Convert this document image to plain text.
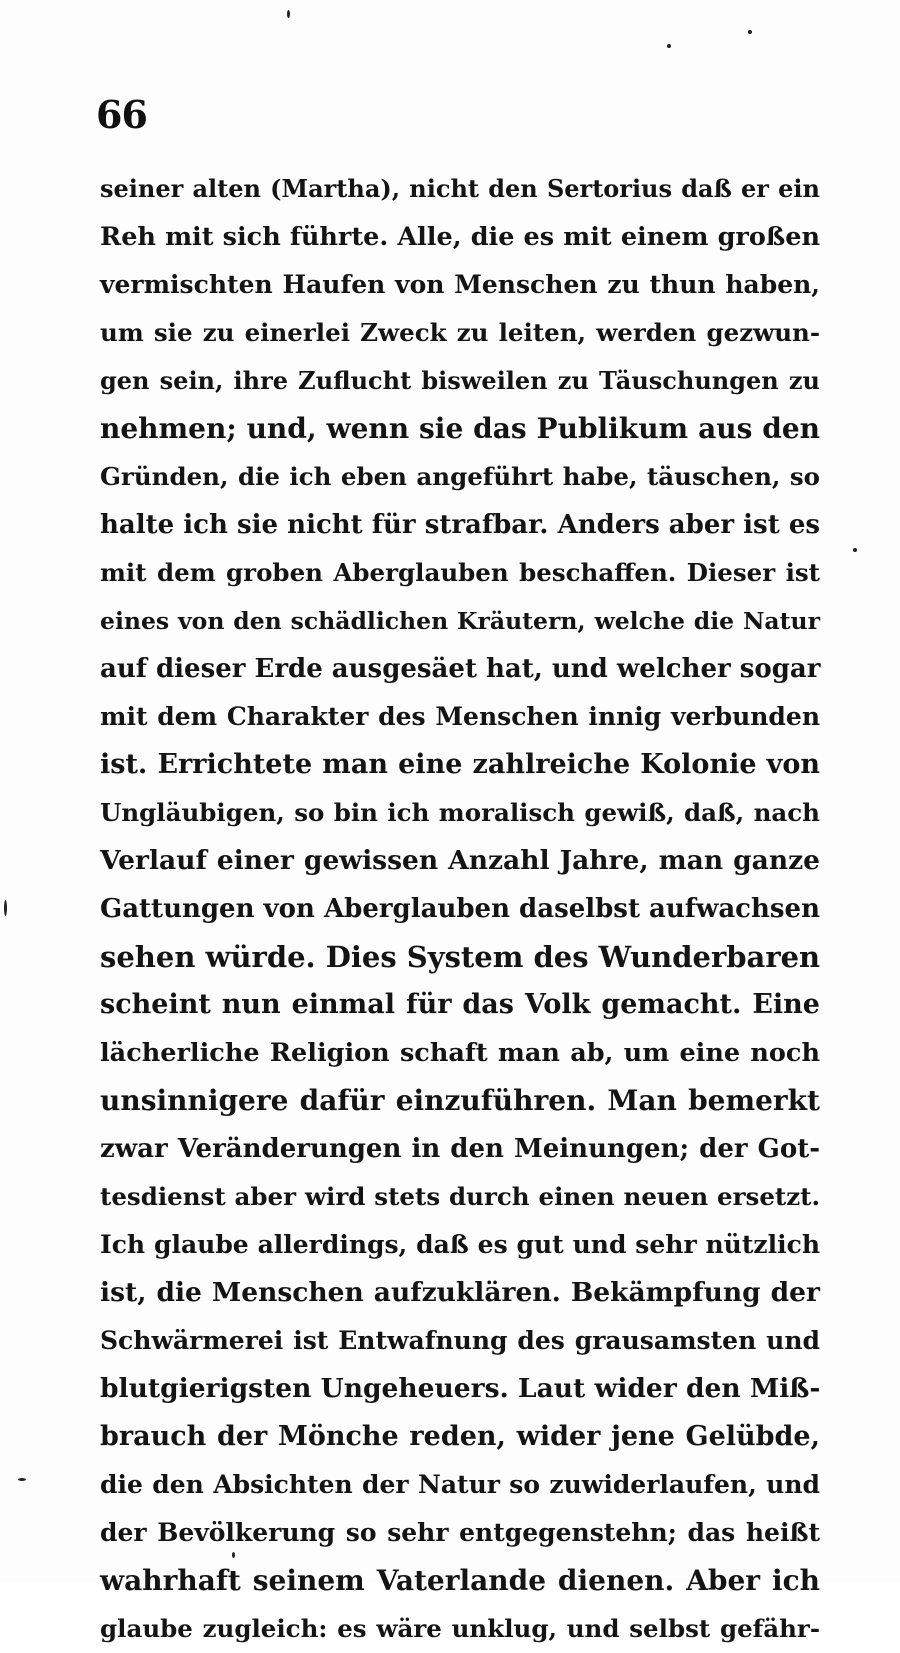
66
seiner alten (Martha), nicht den Sertorius daß er ein
Reh mit sich führte. Alle, die es mit einem großen
vermischten Haufen von Menschen zu thun haben,
um sie zu einerlei Zweck zu leiten, werden gezwun-
gen sein, ihre Zuflucht bisweilen zu Täuschungen zu
nehmen; und, wenn sie das Publikum aus den
Gründen, die ich eben angeführt habe, täuschen, so
halte ich sie nicht für strafbar. Anders aber ist es
mit dem groben Aberglauben beschaffen. Dieser ist
eines von den schädlichen Kräutern, welche die Natur
auf dieser Erde ausgesäet hat, und welcher sogar
mit dem Charakter des Menschen innig verbunden
ist. Errichtete man eine zahlreiche Kolonie von
Ungläubigen, so bin ich moralisch gewiß, daß, nach
Verlauf einer gewissen Anzahl Jahre, man ganze
Gattungen von Aberglauben daselbst aufwachsen
sehen würde. Dies System des Wunderbaren
scheint nun einmal für das Volk gemacht. Eine
lächerliche Religion schaft man ab, um eine noch
unsinnigere dafür einzuführen. Man bemerkt
zwar Veränderungen in den Meinungen; der Got-
tesdienst aber wird stets durch einen neuen ersetzt.
Ich glaube allerdings, daß es gut und sehr nützlich
ist, die Menschen aufzuklären. Bekämpfung der
Schwärmerei ist Entwafnung des grausamsten und
blutgierigsten Ungeheuers. Laut wider den Miß-
brauch der Mönche reden, wider jene Gelübde,
die den Absichten der Natur so zuwiderlaufen, und
der Bevölkerung so sehr entgegenstehn; das heißt
wahrhaft seinem Vaterlande dienen. Aber ich
glaube zugleich: es wäre unklug, und selbst gefähr-
